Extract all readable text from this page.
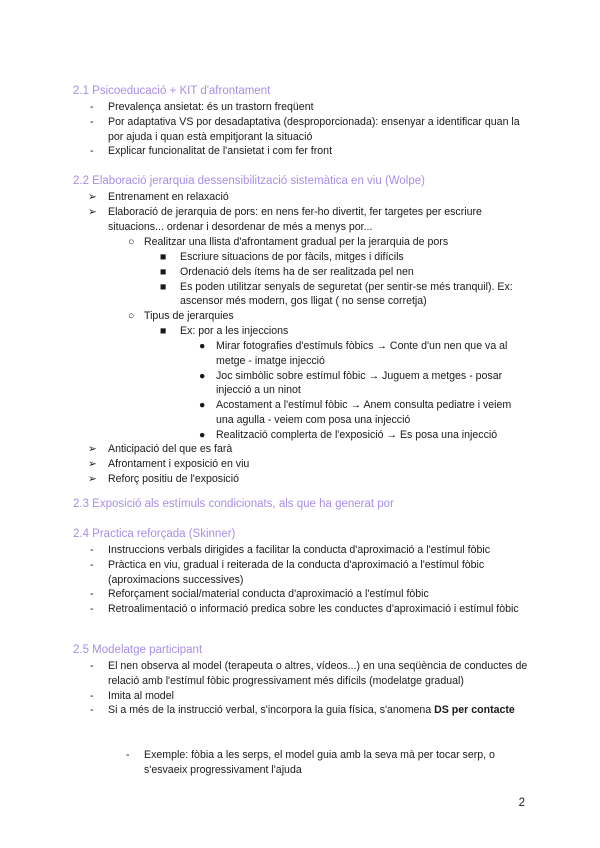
2.1 Psicoeducació + KIT d'afrontament
- Prevalença ansietat: és un trastorn freqüent
- Por adaptativa VS por desadaptativa (desproporcionada): ensenyar a identificar quan la por ajuda i quan està empitjorant la situació
- Explicar funcionalitat de l'ansietat i com fer front
2.2 Elaboració jerarquia dessensibilització sistemàtica en viu (Wolpe)
➢ Entrenament en relaxació
➢ Elaboració de jerarquia de pors: en nens fer-ho divertit, fer targetes per escriure situacions... ordenar i desordenar de més a menys por...
○ Realitzar una llista d'afrontament gradual per la jerarquia de pors
■ Escriure situacions de por fàcils, mitges i difícils
■ Ordenació dels ítems ha de ser realitzada pel nen
■ Es poden utilitzar senyals de seguretat (per sentir-se més tranquil). Ex: ascensor més modern, gos lligat ( no sense corretja)
○ Tipus de jerarquies
■ Ex: por a les injeccions
● Mirar fotografies d'estímuls fòbics → Conte d'un nen que va al metge - imatge injecció
● Joc simbòlic sobre estímul fòbic → Juguem a metges - posar injecció a un ninot
● Acostament a l'estímul fòbic → Anem consulta pediatre i veiem una agulla - veiem com posa una injecció
● Realització complerta de l'exposició → Es posa una injecció
➢ Anticipació del que es farà
➢ Afrontament i exposició en viu
➢ Reforç positiu de l'exposició
2.3 Exposició als estímuls condicionats, als que ha generat por
2.4 Practica reforçada (Skinner)
- Instruccions verbals dirigides a facilitar la conducta d'aproximació a l'estímul fòbic
- Pràctica en viu, gradual i reiterada de la conducta d'aproximació a l'estímul fòbic (aproximacions successives)
- Reforçament social/material conducta d'aproximació a l'estímul fòbic
- Retroalimentació o informació predica sobre les conductes d'aproximació i estímul fòbic
2.5 Modelatge participant
- El nen observa al model (terapeuta o altres, vídeos...) en una seqüència de conductes de relació amb l'estímul fòbic progressivament més difícils (modelatge gradual)
- Imita al model
- Si a més de la instrucció verbal, s'incorpora la guia física, s'anomena DS per contacte
- Exemple: fòbia a les serps, el model guia amb la seva mà per tocar serp, o s'esvaeix progressivament l'ajuda
2
